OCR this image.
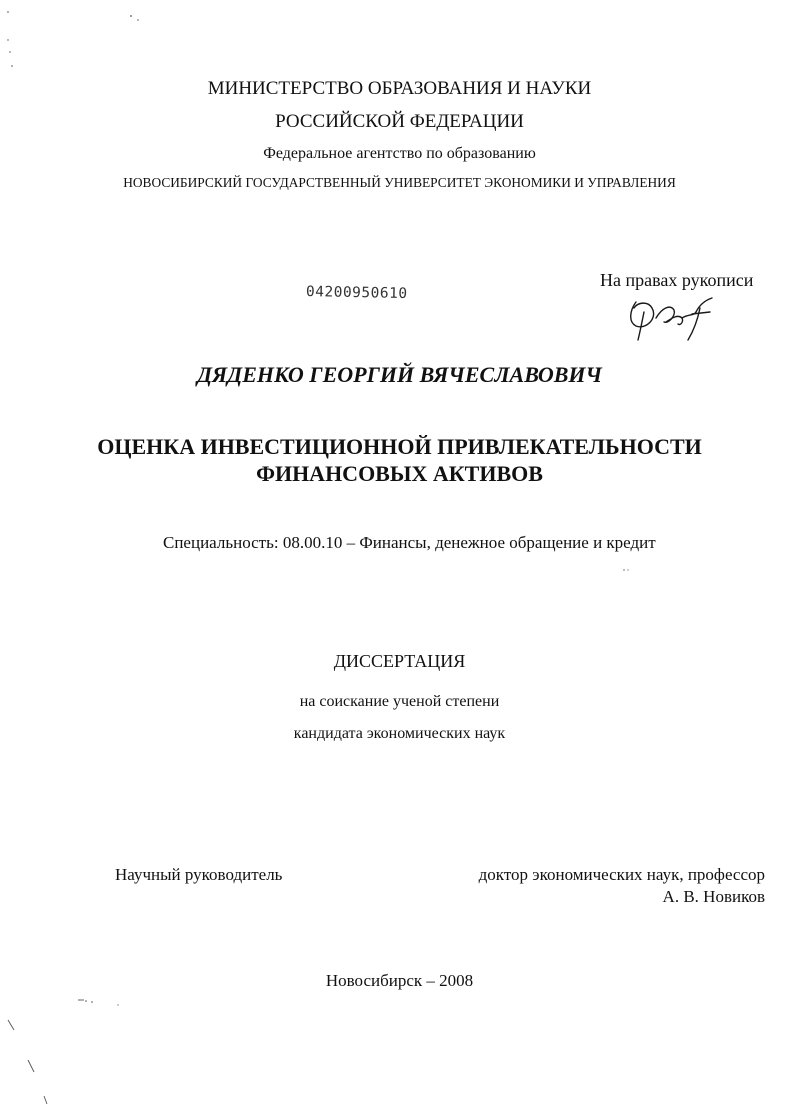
МИНИСТЕРСТВО ОБРАЗОВАНИЯ И НАУКИ

РОССИЙСКОЙ ФЕДЕРАЦИИ

Федеральное агентство по образованию

НОВОСИБИРСКИЙ ГОСУДАРСТВЕННЫЙ УНИВЕРСИТЕТ ЭКОНОМИКИ И УПРАВЛЕНИЯ

04200950610

На правах рукописи

ДЯДЕНКО ГЕОРГИЙ ВЯЧЕСЛАВОВИЧ

ОЦЕНКА ИНВЕСТИЦИОННОЙ ПРИВЛЕКАТЕЛЬНОСТИ
ФИНАНСОВЫХ АКТИВОВ

Специальность: 08.00.10 – Финансы, денежное обращение и кредит

ДИССЕРТАЦИЯ

на соискание ученой степени

кандидата экономических наук

Научный руководитель	доктор экономических наук, профессор

А. В. Новиков

Новосибирск – 2008
